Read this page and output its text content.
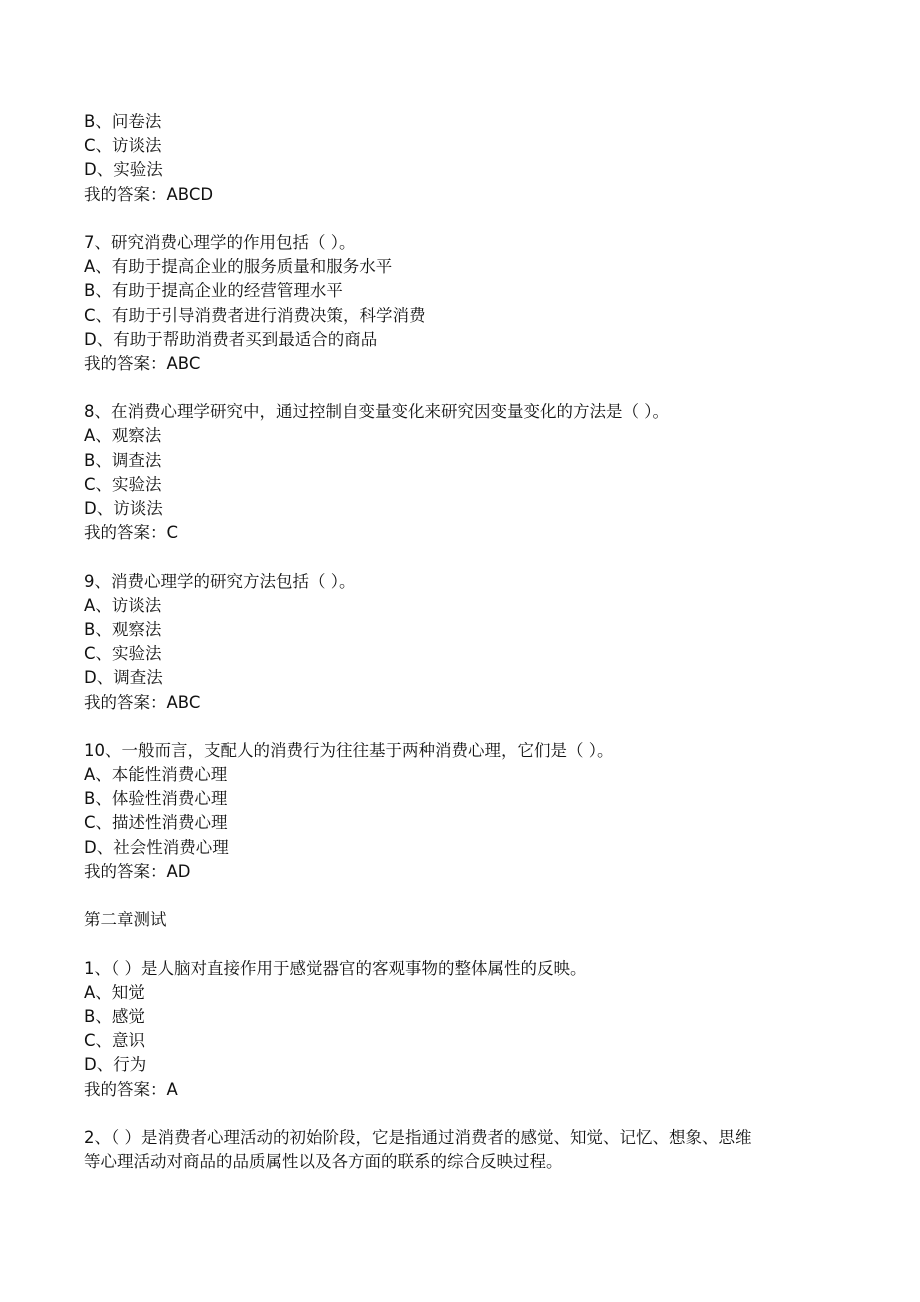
B、问卷法
C、访谈法
D、实验法
我的答案：ABCD
7、研究消费心理学的作用包括（ ）。
A、有助于提高企业的服务质量和服务水平
B、有助于提高企业的经营管理水平
C、有助于引导消费者进行消费决策，科学消费
D、有助于帮助消费者买到最适合的商品
我的答案：ABC
8、在消费心理学研究中，通过控制自变量变化来研究因变量变化的方法是（ ）。
A、观察法
B、调查法
C、实验法
D、访谈法
我的答案：C
9、消费心理学的研究方法包括（ ）。
A、访谈法
B、观察法
C、实验法
D、调查法
我的答案：ABC
10、一般而言，支配人的消费行为往往基于两种消费心理，它们是（ ）。
A、本能性消费心理
B、体验性消费心理
C、描述性消费心理
D、社会性消费心理
我的答案：AD
第二章测试
1、（ ）是人脑对直接作用于感觉器官的客观事物的整体属性的反映。
A、知觉
B、感觉
C、意识
D、行为
我的答案：A
2、（ ）是消费者心理活动的初始阶段，它是指通过消费者的感觉、知觉、记忆、想象、思维
等心理活动对商品的品质属性以及各方面的联系的综合反映过程。
